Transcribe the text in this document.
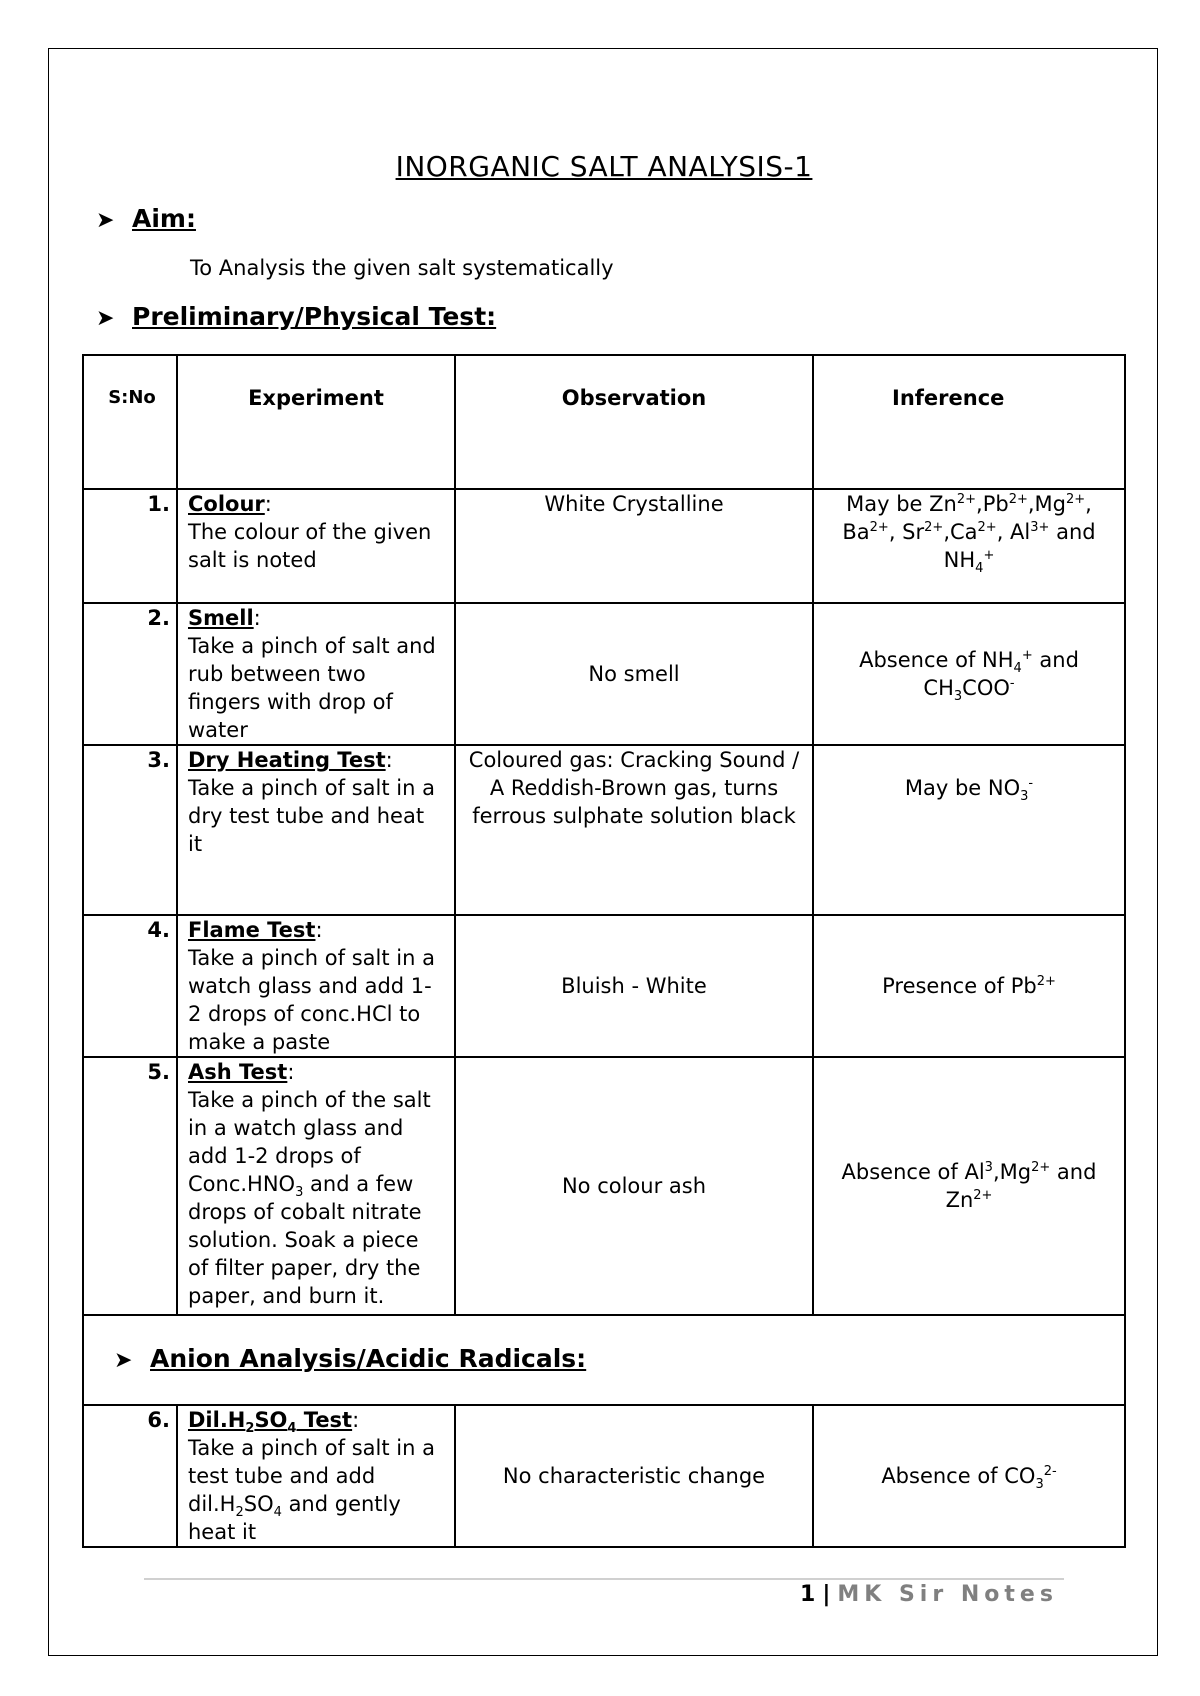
INORGANIC SALT ANALYSIS-1
➤ Aim:
To Analysis the given salt systematically
➤ Preliminary/Physical Test:
S:No	Experiment	Observation	Inference
1.	Colour:
The colour of the given salt is noted	White Crystalline	May be $Zn^{2+},Pb^{2+},Mg^{2+}$, $Ba^{2+}$, $Sr^{2+},Ca^{2+}$, $Al^{3+}$ and $NH_4^+$
2.	Smell:
Take a pinch of salt and rub between two fingers with drop of water	No smell	Absence of $NH_4^+$ and $CH_3COO^-$
3.	Dry Heating Test:
Take a pinch of salt in a dry test tube and heat it	Coloured gas: Cracking Sound / A Reddish-Brown gas, turns ferrous sulphate solution black	May be $NO_3^-$
4.	Flame Test:
Take a pinch of salt in a watch glass and add 1-2 drops of conc.HCl to make a paste	Bluish - White	Presence of $Pb^{2+}$
5.	Ash Test:
Take a pinch of the salt in a watch glass and add 1-2 drops of $Conc.HNO_3$ and a few drops of cobalt nitrate solution. Soak a piece of filter paper, dry the paper, and burn it.	No colour ash	Absence of $Al^3,Mg^{2+}$ and $Zn^{2+}$
➤ Anion Analysis/Acidic Radicals:			
6.	$Dil.H_2SO_4$ Test:
Take a pinch of salt in a test tube and add $dil.H_2SO_4$ and gently heat it	No characteristic change	Absence of $CO_3^{2-}$
1 | MK Sir Notes
